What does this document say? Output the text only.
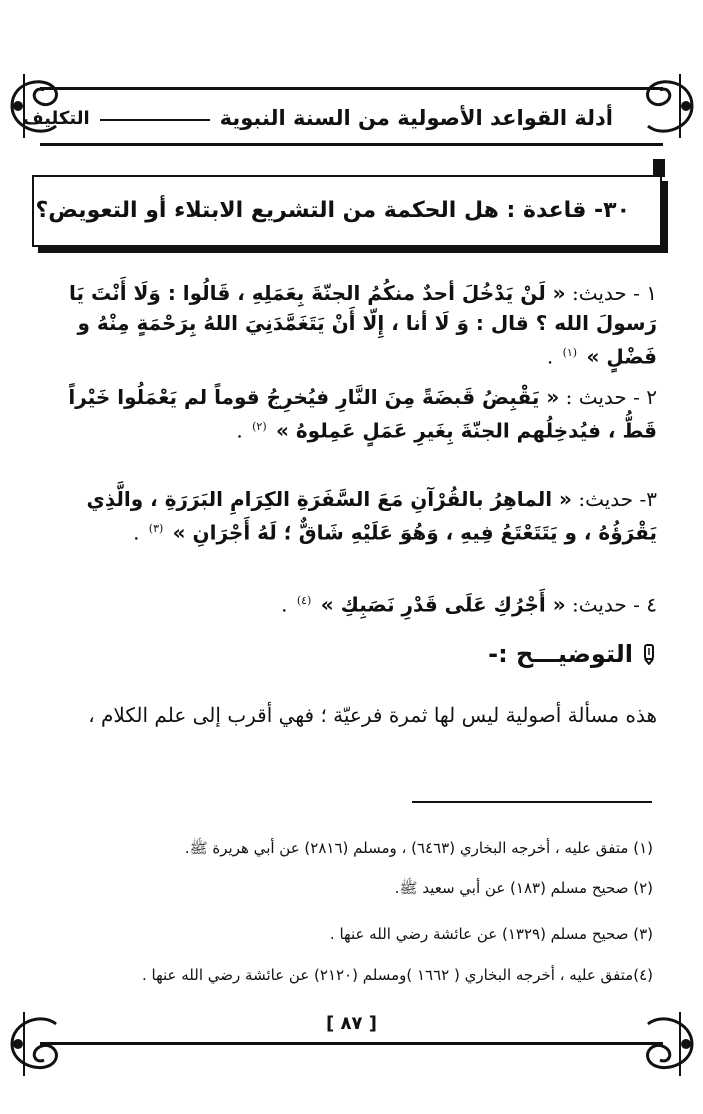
أدلة القواعد الأصولية من السنة النبوية
التكليف
٣٠- قاعدة : هل الحكمة من التشريع الابتلاء أو التعويض؟
١ - حديث: « لَنْ يَدْخُلَ أحدٌ منكُمُ الجنّةَ بِعَمَلِهِ ، قَالُوا : وَلَا أَنْتَ يَا رَسولَ الله ؟ قال : وَ لَا أنا ، إِلّا أَنْ يَتَغَمَّدَنِيَ اللهُ بِرَحْمَةٍ مِنْهُ و فَضْلٍ » $^{(١)}$ .
٢ - حديث : « يَقْبِضُ قَبضَةً مِنَ النَّارِ فيُخرِجُ قوماً لم يَعْمَلُوا خَيْراً قَطُّ ، فيُدخِلُهم الجنّةَ بِغَيرِ عَمَلٍ عَمِلوهُ » $^{(٢)}$ .
٣- حديث: « الماهِرُ بالقُرْآنِ مَعَ السَّفَرَةِ الكِرَامِ البَرَرَةِ ، والَّذِي يَقْرَؤُهُ ، و يَتَتَعْتَعُ فِيهِ ، وَهُوَ عَلَيْهِ شَاقٌّ ؛ لَهُ أَجْرَانِ » $^{(٣)}$ .
٤ - حديث: « أَجْرُكِ عَلَى قَدْرِ نَصَبِكِ » $^{(٤)}$ .
التوضيـــح :-
هذه مسألة أصولية ليس لها ثمرة فرعيّة ؛ فهي أقرب إلى علم الكلام ،
(١) متفق عليه ، أخرجه البخاري (٦٤٦٣) ، ومسلم (٢٨١٦) عن أبي هريرة ﷺ.
(٢) صحيح مسلم (١٨٣) عن أبي سعيد ﷺ.
(٣) صحيح مسلم (١٣٢٩) عن عائشة رضي الله عنها .
(٤)متفق عليه ، أخرجه البخاري ( ١٦٦٢ )ومسلم (٢١٢٠) عن عائشة رضي الله عنها .
[ ٨٧ ]
